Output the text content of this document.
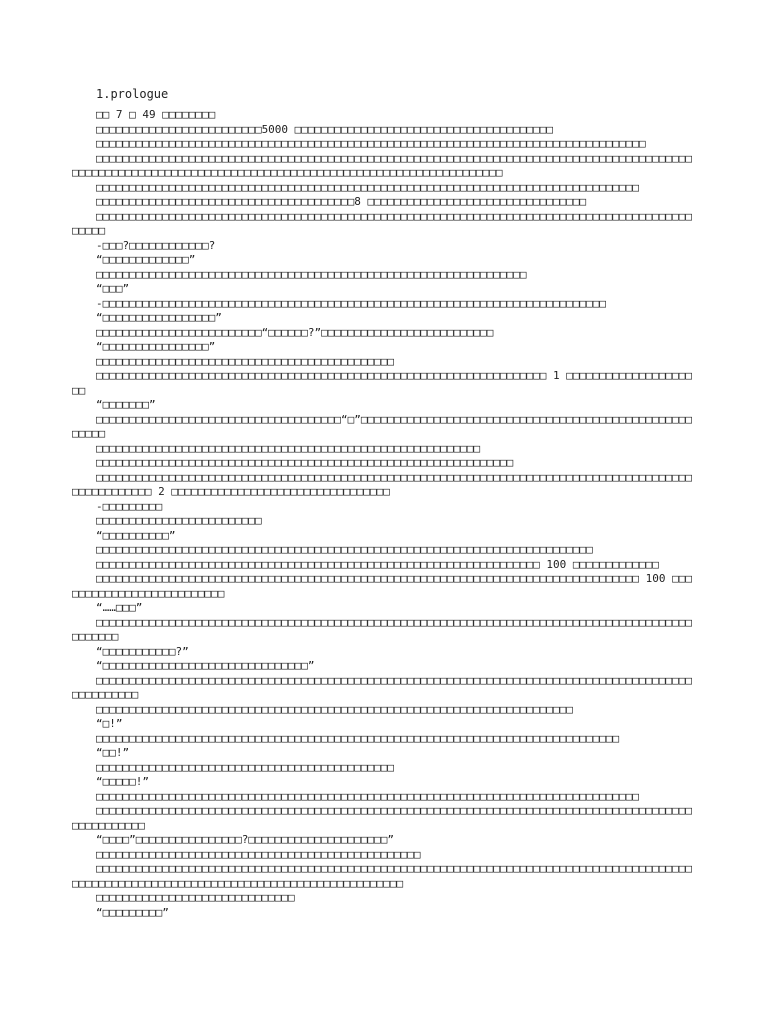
1.prologue
□□ 7 □ 49 □□□□□□□□
□□□□□□□□□□□□□□□□□□□□□□□□□5000 □□□□□□□□□□□□□□□□□□□□□□□□□□□□□□□□□□□□□□□
□□□□□□□□□□□□□□□□□□□□□□□□□□□□□□□□□□□□□□□□□□□□□□□□□□□□□□□□□□□□□□□□□□□□□□□□□□□□□□□□□□□
□□□□□□□□□□□□□□□□□□□□□□□□□□□□□□□□□□□□□□□□□□□□□□□□□□□□□□□□□□□□□□□□□□□□□□□□□□□□□□□□□□□□□□□□□□□□□□□□□□□□□□□□□□□□□□□□□□□□□□□□□□□□□□□□□□□□□□□□□□□□□□□□□□□□□□□□□□□
□□□□□□□□□□□□□□□□□□□□□□□□□□□□□□□□□□□□□□□□□□□□□□□□□□□□□□□□□□□□□□□□□□□□□□□□□□□□□□□□□□
□□□□□□□□□□□□□□□□□□□□□□□□□□□□□□□□□□□□□□□8 □□□□□□□□□□□□□□□□□□□□□□□□□□□□□□□□□
□□□□□□□□□□□□□□□□□□□□□□□□□□□□□□□□□□□□□□□□□□□□□□□□□□□□□□□□□□□□□□□□□□□□□□□□□□□□□□□□□□□□□□□□□□□□□□□
-□□□?□□□□□□□□□□□□?
“□□□□□□□□□□□□□”
□□□□□□□□□□□□□□□□□□□□□□□□□□□□□□□□□□□□□□□□□□□□□□□□□□□□□□□□□□□□□□□□□
“□□□”
-□□□□□□□□□□□□□□□□□□□□□□□□□□□□□□□□□□□□□□□□□□□□□□□□□□□□□□□□□□□□□□□□□□□□□□□□□□□□
“□□□□□□□□□□□□□□□□□”
□□□□□□□□□□□□□□□□□□□□□□□□□“□□□□□□?”□□□□□□□□□□□□□□□□□□□□□□□□□□
“□□□□□□□□□□□□□□□□”
□□□□□□□□□□□□□□□□□□□□□□□□□□□□□□□□□□□□□□□□□□□□□
□□□□□□□□□□□□□□□□□□□□□□□□□□□□□□□□□□□□□□□□□□□□□□□□□□□□□□□□□□□□□□□□□□□□ 1 □□□□□□□□□□□□□□□□□□□□□
“□□□□□□□”
□□□□□□□□□□□□□□□□□□□□□□□□□□□□□□□□□□□□□“□”□□□□□□□□□□□□□□□□□□□□□□□□□□□□□□□□□□□□□□□□□□□□□□□□□□□□□□□
□□□□□□□□□□□□□□□□□□□□□□□□□□□□□□□□□□□□□□□□□□□□□□□□□□□□□□□□□□
□□□□□□□□□□□□□□□□□□□□□□□□□□□□□□□□□□□□□□□□□□□□□□□□□□□□□□□□□□□□□□□
□□□□□□□□□□□□□□□□□□□□□□□□□□□□□□□□□□□□□□□□□□□□□□□□□□□□□□□□□□□□□□□□□□□□□□□□□□□□□□□□□□□□□□□□□□□□□□□□□□□□□□ 2 □□□□□□□□□□□□□□□□□□□□□□□□□□□□□□□□□
-□□□□□□□□□
□□□□□□□□□□□□□□□□□□□□□□□□□
“□□□□□□□□□□”
□□□□□□□□□□□□□□□□□□□□□□□□□□□□□□□□□□□□□□□□□□□□□□□□□□□□□□□□□□□□□□□□□□□□□□□□□□□
□□□□□□□□□□□□□□□□□□□□□□□□□□□□□□□□□□□□□□□□□□□□□□□□□□□□□□□□□□□□□□□□□□□ 100 □□□□□□□□□□□□□
□□□□□□□□□□□□□□□□□□□□□□□□□□□□□□□□□□□□□□□□□□□□□□□□□□□□□□□□□□□□□□□□□□□□□□□□□□□□□□□□□□ 100 □□□□□□□□□□□□□□□□□□□□□□□□□□
“……□□□”
□□□□□□□□□□□□□□□□□□□□□□□□□□□□□□□□□□□□□□□□□□□□□□□□□□□□□□□□□□□□□□□□□□□□□□□□□□□□□□□□□□□□□□□□□□□□□□□□□
“□□□□□□□□□□□?”
“□□□□□□□□□□□□□□□□□□□□□□□□□□□□□□□”
□□□□□□□□□□□□□□□□□□□□□□□□□□□□□□□□□□□□□□□□□□□□□□□□□□□□□□□□□□□□□□□□□□□□□□□□□□□□□□□□□□□□□□□□□□□□□□□□□□□□
□□□□□□□□□□□□□□□□□□□□□□□□□□□□□□□□□□□□□□□□□□□□□□□□□□□□□□□□□□□□□□□□□□□□□□□□
“□!”
□□□□□□□□□□□□□□□□□□□□□□□□□□□□□□□□□□□□□□□□□□□□□□□□□□□□□□□□□□□□□□□□□□□□□□□□□□□□□□□
“□□!”
□□□□□□□□□□□□□□□□□□□□□□□□□□□□□□□□□□□□□□□□□□□□□
“□□□□□!”
□□□□□□□□□□□□□□□□□□□□□□□□□□□□□□□□□□□□□□□□□□□□□□□□□□□□□□□□□□□□□□□□□□□□□□□□□□□□□□□□□□
□□□□□□□□□□□□□□□□□□□□□□□□□□□□□□□□□□□□□□□□□□□□□□□□□□□□□□□□□□□□□□□□□□□□□□□□□□□□□□□□□□□□□□□□□□□□□□□□□□□□□
“□□□□”□□□□□□□□□□□□□□□□?□□□□□□□□□□□□□□□□□□□□□”
□□□□□□□□□□□□□□□□□□□□□□□□□□□□□□□□□□□□□□□□□□□□□□□□□
□□□□□□□□□□□□□□□□□□□□□□□□□□□□□□□□□□□□□□□□□□□□□□□□□□□□□□□□□□□□□□□□□□□□□□□□□□□□□□□□□□□□□□□□□□□□□□□□□□□□□□□□□□□□□□□□□□□□□□□□□□□□□□□□□□□□□□□□□□□□
□□□□□□□□□□□□□□□□□□□□□□□□□□□□□□
“□□□□□□□□□”
